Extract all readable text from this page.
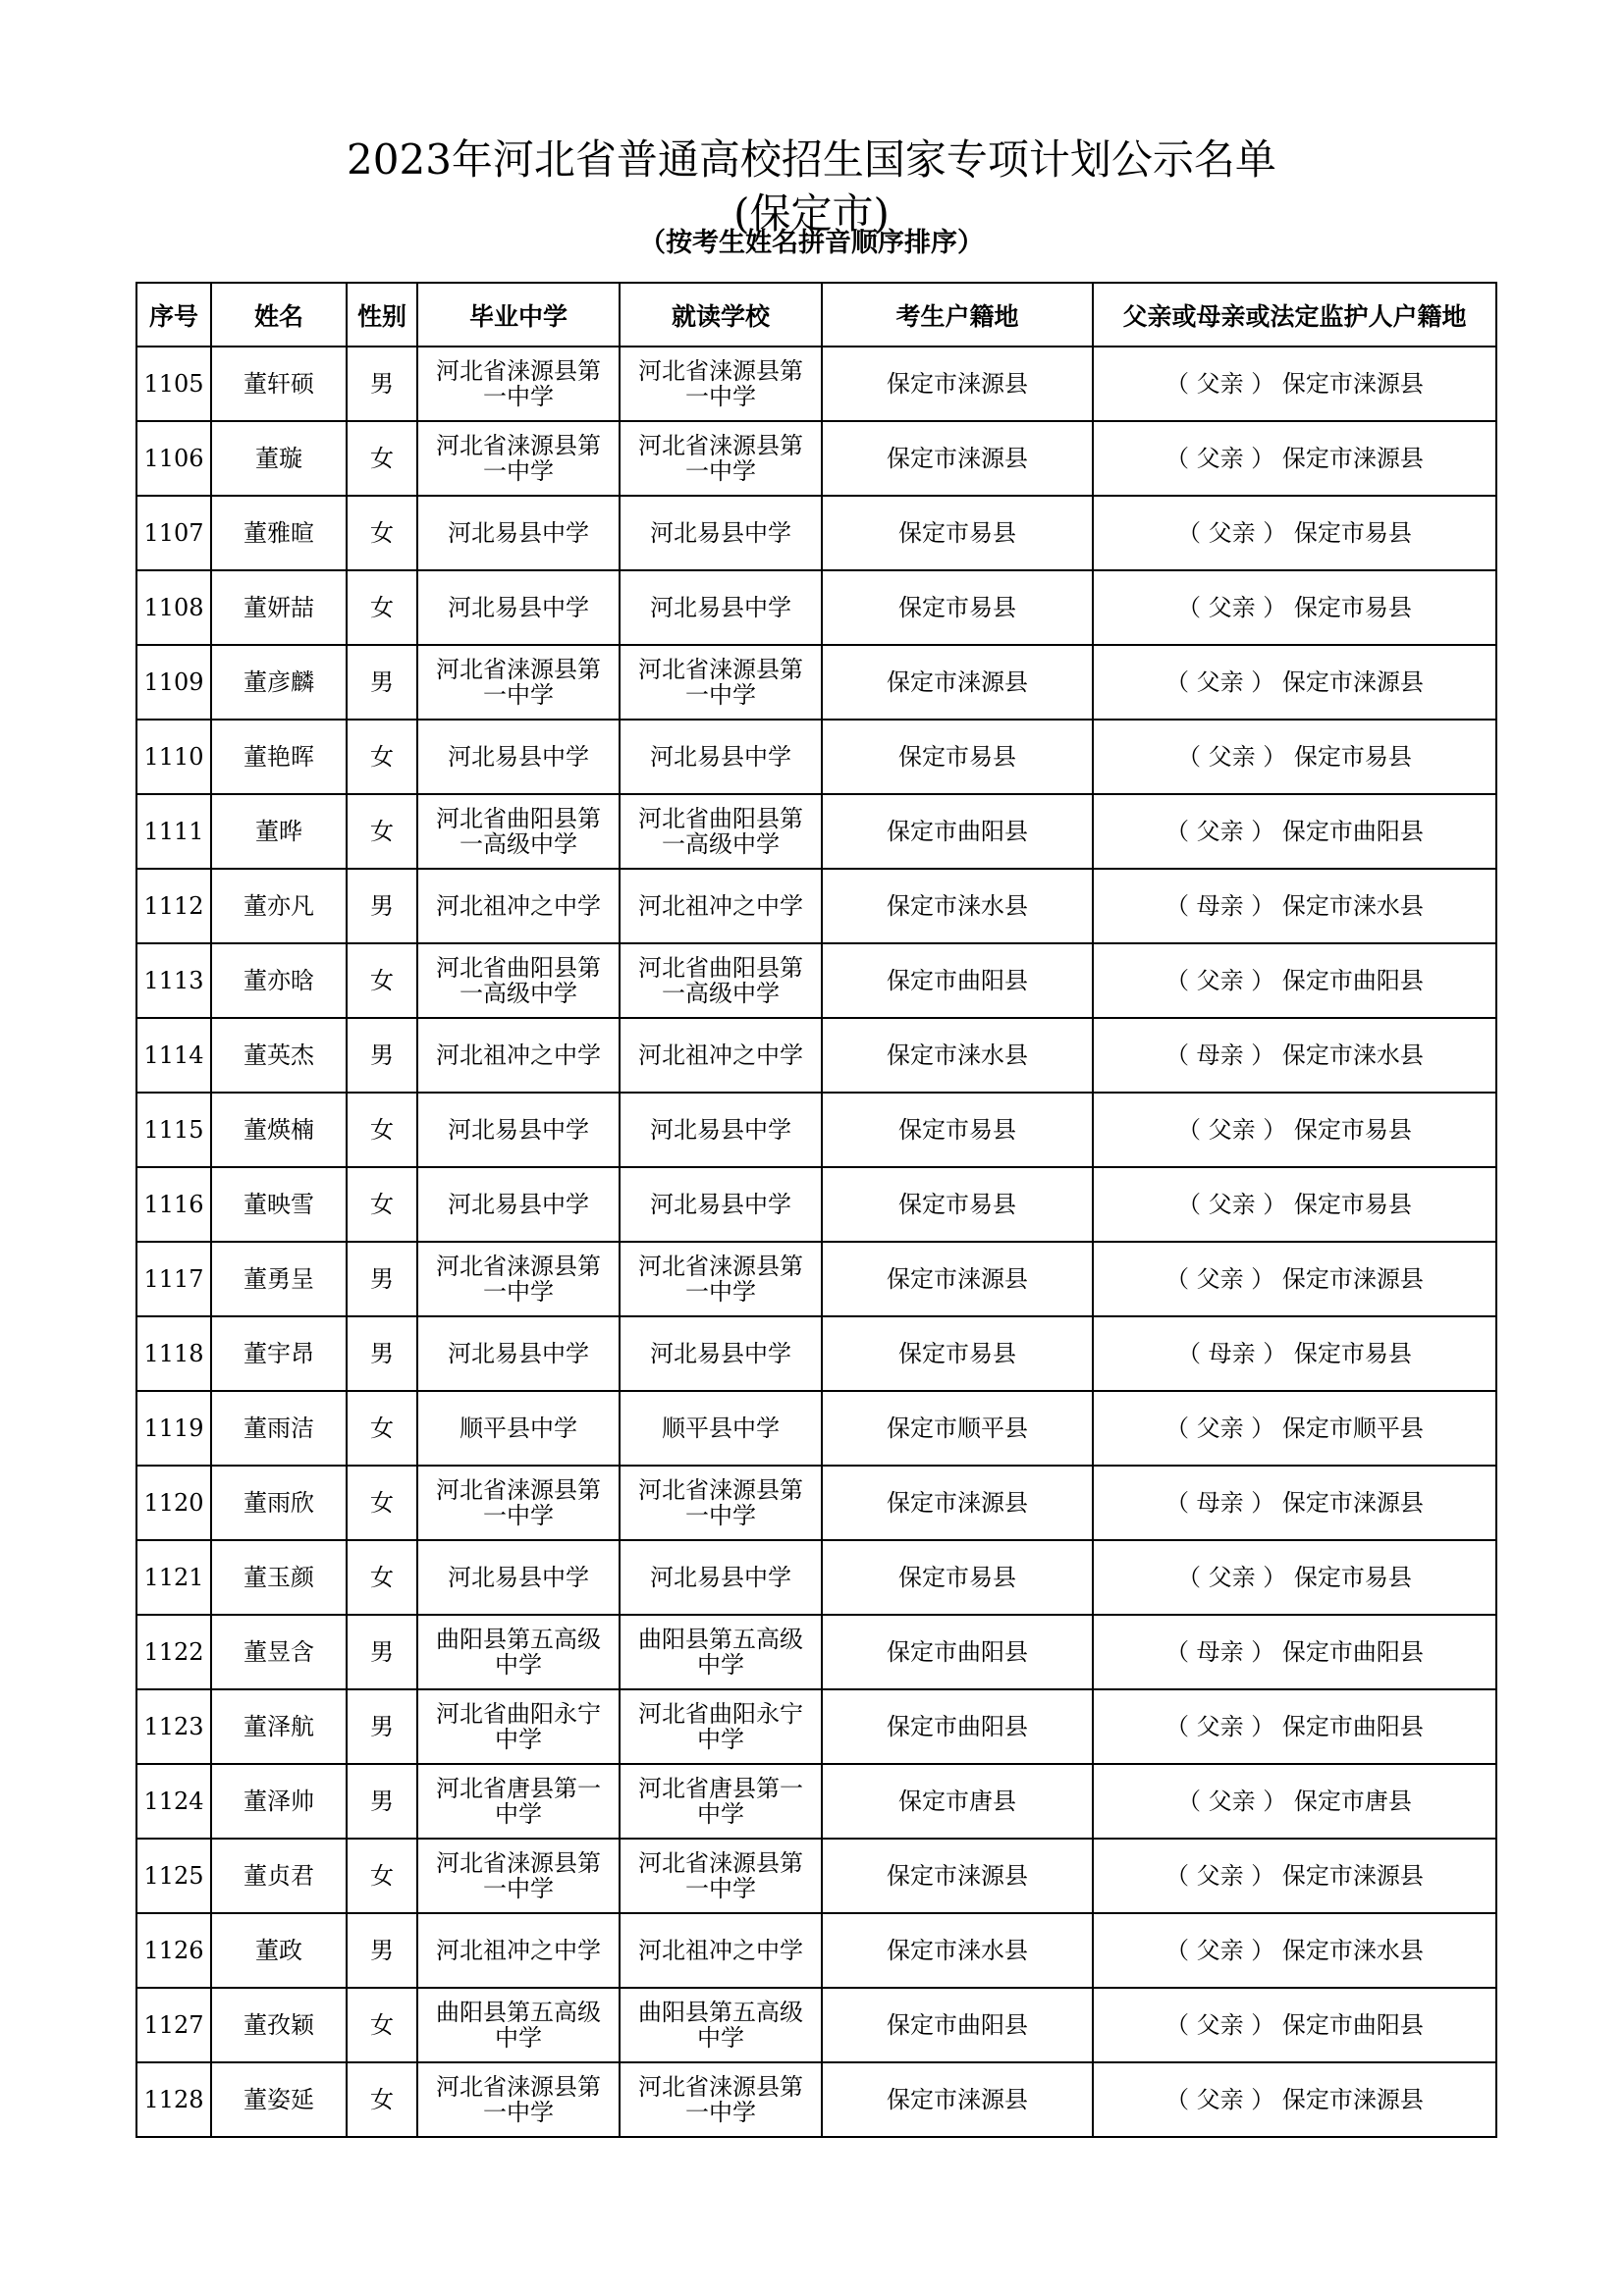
2023年河北省普通高校招生国家专项计划公示名单
(保定市)
（按考生姓名拼音顺序排序）
序号	姓名	性别	毕业中学	就读学校	考生户籍地	父亲或母亲或法定监护人户籍地
1105	董轩硕	男	河北省涞源县第一中学	河北省涞源县第一中学	保定市涞源县	（ 父亲 ） 保定市涞源县
1106	董璇	女	河北省涞源县第一中学	河北省涞源县第一中学	保定市涞源县	（ 父亲 ） 保定市涞源县
1107	董雅暄	女	河北易县中学	河北易县中学	保定市易县	（ 父亲 ） 保定市易县
1108	董妍喆	女	河北易县中学	河北易县中学	保定市易县	（ 父亲 ） 保定市易县
1109	董彦麟	男	河北省涞源县第一中学	河北省涞源县第一中学	保定市涞源县	（ 父亲 ） 保定市涞源县
1110	董艳晖	女	河北易县中学	河北易县中学	保定市易县	（ 父亲 ） 保定市易县
1111	董晔	女	河北省曲阳县第一高级中学	河北省曲阳县第一高级中学	保定市曲阳县	（ 父亲 ） 保定市曲阳县
1112	董亦凡	男	河北祖冲之中学	河北祖冲之中学	保定市涞水县	（ 母亲 ） 保定市涞水县
1113	董亦晗	女	河北省曲阳县第一高级中学	河北省曲阳县第一高级中学	保定市曲阳县	（ 父亲 ） 保定市曲阳县
1114	董英杰	男	河北祖冲之中学	河北祖冲之中学	保定市涞水县	（ 母亲 ） 保定市涞水县
1115	董煐楠	女	河北易县中学	河北易县中学	保定市易县	（ 父亲 ） 保定市易县
1116	董映雪	女	河北易县中学	河北易县中学	保定市易县	（ 父亲 ） 保定市易县
1117	董勇呈	男	河北省涞源县第一中学	河北省涞源县第一中学	保定市涞源县	（ 父亲 ） 保定市涞源县
1118	董宇昂	男	河北易县中学	河北易县中学	保定市易县	（ 母亲 ） 保定市易县
1119	董雨洁	女	顺平县中学	顺平县中学	保定市顺平县	（ 父亲 ） 保定市顺平县
1120	董雨欣	女	河北省涞源县第一中学	河北省涞源县第一中学	保定市涞源县	（ 母亲 ） 保定市涞源县
1121	董玉颜	女	河北易县中学	河北易县中学	保定市易县	（ 父亲 ） 保定市易县
1122	董昱含	男	曲阳县第五高级中学	曲阳县第五高级中学	保定市曲阳县	（ 母亲 ） 保定市曲阳县
1123	董泽航	男	河北省曲阳永宁中学	河北省曲阳永宁中学	保定市曲阳县	（ 父亲 ） 保定市曲阳县
1124	董泽帅	男	河北省唐县第一中学	河北省唐县第一中学	保定市唐县	（ 父亲 ） 保定市唐县
1125	董贞君	女	河北省涞源县第一中学	河北省涞源县第一中学	保定市涞源县	（ 父亲 ） 保定市涞源县
1126	董政	男	河北祖冲之中学	河北祖冲之中学	保定市涞水县	（ 父亲 ） 保定市涞水县
1127	董孜颖	女	曲阳县第五高级中学	曲阳县第五高级中学	保定市曲阳县	（ 父亲 ） 保定市曲阳县
1128	董姿延	女	河北省涞源县第一中学	河北省涞源县第一中学	保定市涞源县	（ 父亲 ） 保定市涞源县
